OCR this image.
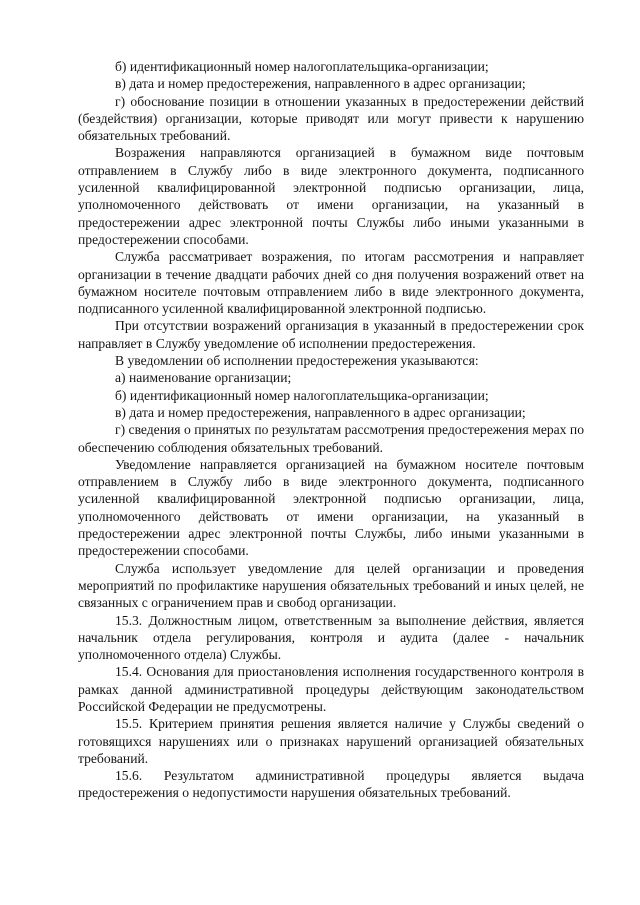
б) идентификационный номер налогоплательщика-организации;

в) дата и номер предостережения, направленного в адрес организации;

г) обоснование позиции в отношении указанных в предостережении действий (бездействия) организации, которые приводят или могут привести к нарушению обязательных требований.

Возражения направляются организацией в бумажном виде почтовым отправлением в Службу либо в виде электронного документа, подписанного усиленной квалифицированной электронной подписью организации, лица, уполномоченного действовать от имени организации, на указанный в предостережении адрес электронной почты Службы либо иными указанными в предостережении способами.

Служба рассматривает возражения, по итогам рассмотрения и направляет организации в течение двадцати рабочих дней со дня получения возражений ответ на бумажном носителе почтовым отправлением либо в виде электронного документа, подписанного усиленной квалифицированной электронной подписью.

При отсутствии возражений организация в указанный в предостережении срок направляет в Службу уведомление об исполнении предостережения.

В уведомлении об исполнении предостережения указываются:

а) наименование организации;

б) идентификационный номер налогоплательщика-организации;

в) дата и номер предостережения, направленного в адрес организации;

г) сведения о принятых по результатам рассмотрения предостережения мерах по обеспечению соблюдения обязательных требований.

Уведомление направляется организацией на бумажном носителе почтовым отправлением в Службу либо в виде электронного документа, подписанного усиленной квалифицированной электронной подписью организации, лица, уполномоченного действовать от имени организации, на указанный в предостережении адрес электронной почты Службы, либо иными указанными в предостережении способами.

Служба использует уведомление для целей организации и проведения мероприятий по профилактике нарушения обязательных требований и иных целей, не связанных с ограничением прав и свобод организации.

15.3. Должностным лицом, ответственным за выполнение действия, является начальник отдела регулирования, контроля и аудита (далее - начальник уполномоченного отдела) Службы.

15.4. Основания для приостановления исполнения государственного контроля в рамках данной административной процедуры действующим законодательством Российской Федерации не предусмотрены.

15.5. Критерием принятия решения является наличие у Службы сведений о готовящихся нарушениях или о признаках нарушений организацией обязательных требований.

15.6. Результатом административной процедуры является выдача предостережения о недопустимости нарушения обязательных требований.
